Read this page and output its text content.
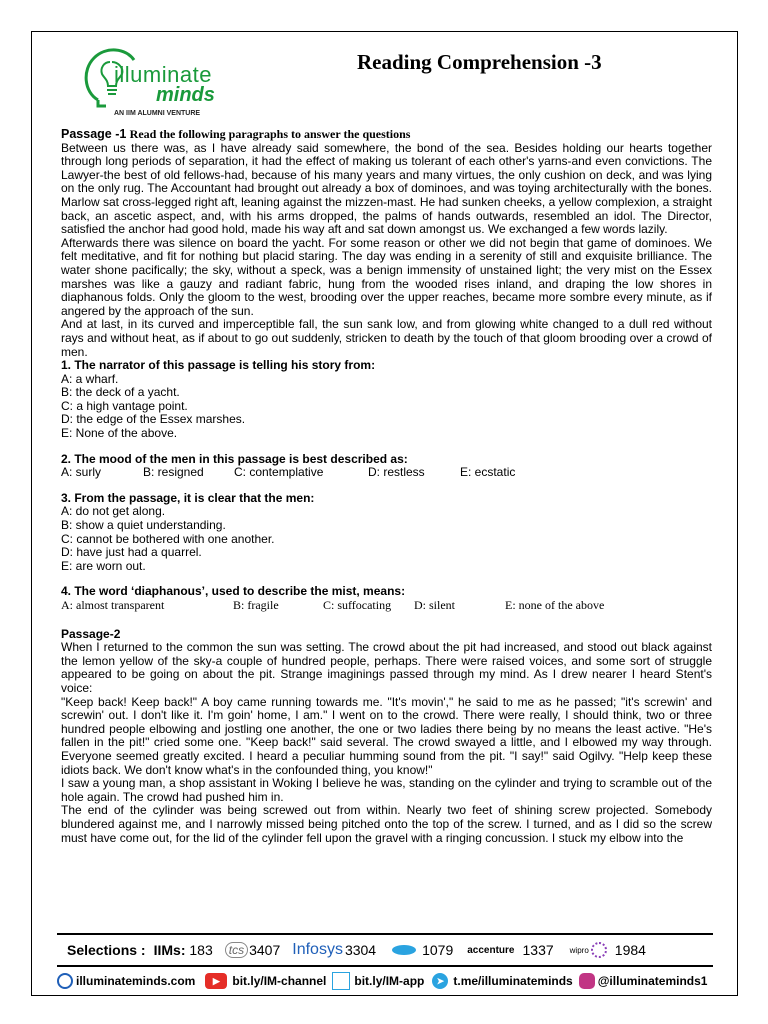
illuminate
minds
AN IIM ALUMNI VENTURE
Reading Comprehension -3

Passage -1 Read the following paragraphs to answer the questions

Between us there was, as I have already said somewhere, the bond of the sea. Besides holding our hearts together through long periods of separation, it had the effect of making us tolerant of each other's yarns-and even convictions. The Lawyer-the best of old fellows-had, because of his many years and many virtues, the only cushion on deck, and was lying on the only rug. The Accountant had brought out already a box of dominoes, and was toying architecturally with the bones. Marlow sat cross-legged right aft, leaning against the mizzen-mast. He had sunken cheeks, a yellow complexion, a straight back, an ascetic aspect, and, with his arms dropped, the palms of hands outwards, resembled an idol. The Director, satisfied the anchor had good hold, made his way aft and sat down amongst us. We exchanged a few words lazily.

Afterwards there was silence on board the yacht. For some reason or other we did not begin that game of dominoes. We felt meditative, and fit for nothing but placid staring. The day was ending in a serenity of still and exquisite brilliance. The water shone pacifically; the sky, without a speck, was a benign immensity of unstained light; the very mist on the Essex marshes was like a gauzy and radiant fabric, hung from the wooded rises inland, and draping the low shores in diaphanous folds. Only the gloom to the west, brooding over the upper reaches, became more sombre every minute, as if angered by the approach of the sun.

And at last, in its curved and imperceptible fall, the sun sank low, and from glowing white changed to a dull red without rays and without heat, as if about to go out suddenly, stricken to death by the touch of that gloom brooding over a crowd of men.

1. The narrator of this passage is telling his story from:

A: a wharf.

B: the deck of a yacht.

C: a high vantage point.

D: the edge of the Essex marshes.

E: None of the above.

2. The mood of the men in this passage is best described as:

A: surly	B: resigned	C: contemplative	D: restless	E: ecstatic

3. From the passage, it is clear that the men:

A: do not get along.

B: show a quiet understanding.

C: cannot be bothered with one another.

D: have just had a quarrel.

E: are worn out.

4. The word ‘diaphanous’, used to describe the mist, means:

A: almost transparent	B: fragile	C: suffocating	D: silent	E: none of the above

Passage-2

When I returned to the common the sun was setting. The crowd about the pit had increased, and stood out black against the lemon yellow of the sky-a couple of hundred people, perhaps. There were raised voices, and some sort of struggle appeared to be going on about the pit. Strange imaginings passed through my mind. As I drew nearer I heard Stent's voice:

"Keep back! Keep back!" A boy came running towards me. "It's movin'," he said to me as he passed; "it's screwin' and screwin' out. I don't like it. I'm goin' home, I am." I went on to the crowd. There were really, I should think, two or three hundred people elbowing and jostling one another, the one or two ladies there being by no means the least active. "He's fallen in the pit!" cried some one. "Keep back!" said several. The crowd swayed a little, and I elbowed my way through. Everyone seemed greatly excited. I heard a peculiar humming sound from the pit. "I say!" said Ogilvy. "Help keep these idiots back. We don't know what's in the confounded thing, you know!"

I saw a young man, a shop assistant in Woking I believe he was, standing on the cylinder and trying to scramble out of the hole again. The crowd had pushed him in.

The end of the cylinder was being screwed out from within. Nearly two feet of shining screw projected. Somebody blundered against me, and I narrowly missed being pitched onto the top of the screw. I turned, and as I did so the screw must have come out, for the lid of the cylinder fell upon the gravel with a ringing concussion. I stuck my elbow into the

Selections : IIMs : 183	tcs 3407 Infosys 3304	1079 accenture 1337 wipro 1984
illuminateminds.com	▶	bit.ly/IM-channel bit.ly/IM-app	➤ t.me/illuminateminds @illuminateminds1
